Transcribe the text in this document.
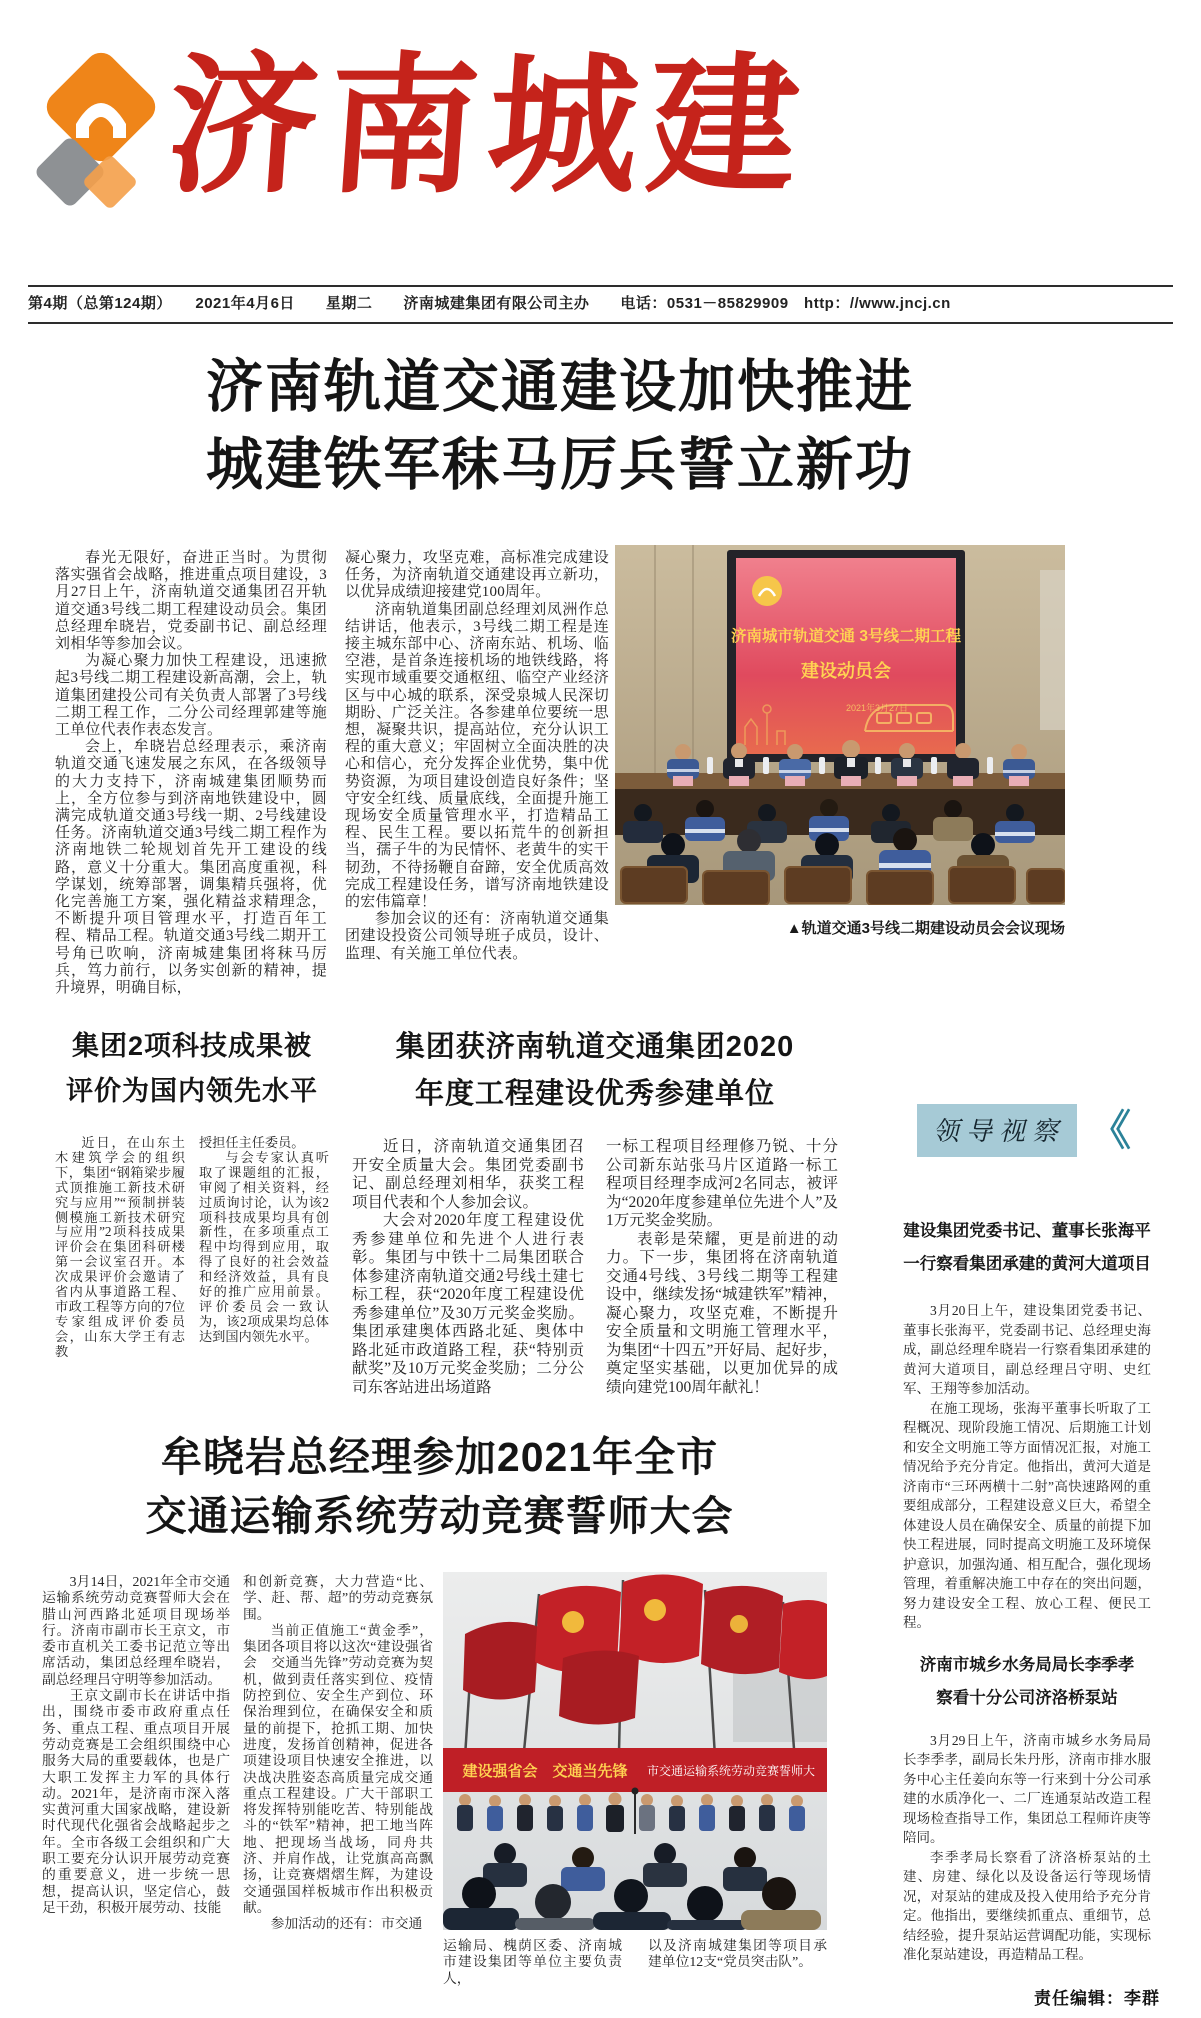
济南城建
第4期（总第124期）　　2021年4月6日　　星期二　　济南城建集团有限公司主办　　电话：0531－85829909　http：//www.jncj.cn
济南轨道交通建设加快推进
城建铁军秣马厉兵誓立新功

春光无限好，奋进正当时。为贯彻落实强省会战略，推进重点项目建设，3月27日上午，济南轨道交通集团召开轨道交通3号线二期工程建设动员会。集团总经理牟晓岩，党委副书记、副总经理刘相华等参加会议。

为凝心聚力加快工程建设，迅速掀起3号线二期工程建设新高潮，会上，轨道集团建投公司有关负责人部署了3号线二期工程工作，二分公司经理郭建等施工单位代表作表态发言。

会上，牟晓岩总经理表示，乘济南轨道交通飞速发展之东风，在各级领导的大力支持下，济南城建集团顺势而上，全方位参与到济南地铁建设中，圆满完成轨道交通3号线一期、2号线建设任务。济南轨道交通3号线二期工程作为济南地铁二轮规划首先开工建设的线路，意义十分重大。集团高度重视，科学谋划，统筹部署，调集精兵强将，优化完善施工方案，强化精益求精理念，不断提升项目管理水平，打造百年工程、精品工程。轨道交通3号线二期开工号角已吹响，济南城建集团将秣马厉兵，笃力前行，以务实创新的精神，提升境界，明确目标，

凝心聚力，攻坚克难，高标准完成建设任务，为济南轨道交通建设再立新功，以优异成绩迎接建党100周年。

济南轨道集团副总经理刘凤洲作总结讲话，他表示，3号线二期工程是连接主城东部中心、济南东站、机场、临空港，是首条连接机场的地铁线路，将实现市域重要交通枢纽、临空产业经济区与中心城的联系，深受泉城人民深切期盼、广泛关注。各参建单位要统一思想，凝聚共识，提高站位，充分认识工程的重大意义；牢固树立全面决胜的决心和信心，充分发挥企业优势，集中优势资源，为项目建设创造良好条件；坚守安全红线、质量底线，全面提升施工现场安全质量管理水平，打造精品工程、民生工程。要以拓荒牛的创新担当，孺子牛的为民情怀、老黄牛的实干韧劲，不待扬鞭自奋蹄，安全优质高效完成工程建设任务，谱写济南地铁建设的宏伟篇章！

参加会议的还有：济南轨道交通集团建设投资公司领导班子成员，设计、监理、有关施工单位代表。

济南城市轨道交通 3号线二期工程
建设动员会
2021年3月27日
▲轨道交通3号线二期建设动员会会议现场
集团2项科技成果被
评价为国内领先水平

近日，在山东土木建筑学会的组织下，集团“钢箱梁步履式顶推施工新技术研究与应用”“预制拼装侧模施工新技术研究与应用”2项科技成果评价会在集团科研楼第一会议室召开。本次成果评价会邀请了省内从事道路工程、市政工程等方向的7位专家组成评价委员会，山东大学王有志教

授担任主任委员。

与会专家认真听取了课题组的汇报，审阅了相关资料，经过质询讨论，认为该2项科技成果均具有创新性，在多项重点工程中均得到应用，取得了良好的社会效益和经济效益，具有良好的推广应用前景。评价委员会一致认为，该2项成果均总体达到国内领先水平。

集团获济南轨道交通集团2020
年度工程建设优秀参建单位

近日，济南轨道交通集团召开安全质量大会。集团党委副书记、副总经理刘相华，获奖工程项目代表和个人参加会议。

大会对2020年度工程建设优秀参建单位和先进个人进行表彰。集团与中铁十二局集团联合体参建济南轨道交通2号线土建七标工程，获“2020年度工程建设优秀参建单位”及30万元奖金奖励。集团承建奥体西路北延、奥体中路北延市政道路工程，获“特别贡献奖”及10万元奖金奖励；二分公司东客站进出场道路

一标工程项目经理修乃锐、十分公司新东站张马片区道路一标工程项目经理李成河2名同志，被评为“2020年度参建单位先进个人”及1万元奖金奖励。

表彰是荣耀，更是前进的动力。下一步，集团将在济南轨道交通4号线、3号线二期等工程建设中，继续发扬“城建铁军”精神，凝心聚力，攻坚克难，不断提升安全质量和文明施工管理水平，为集团“十四五”开好局、起好步，奠定坚实基础，以更加优异的成绩向建党100周年献礼！

领导视察 《
建设集团党委书记、董事长张海平
一行察看集团承建的黄河大道项目

3月20日上午，建设集团党委书记、董事长张海平，党委副书记、总经理史海成，副总经理牟晓岩一行察看集团承建的黄河大道项目，副总经理吕守明、史红军、王翔等参加活动。

在施工现场，张海平董事长听取了工程概况、现阶段施工情况、后期施工计划和安全文明施工等方面情况汇报，对施工情况给予充分肯定。他指出，黄河大道是济南市“三环两横十二射”高快速路网的重要组成部分，工程建设意义巨大，希望全体建设人员在确保安全、质量的前提下加快工程进展，同时提高文明施工及环境保护意识，加强沟通、相互配合，强化现场管理，着重解决施工中存在的突出问题，努力建设安全工程、放心工程、便民工程。

济南市城乡水务局局长李季孝
察看十分公司济洛桥泵站

3月29日上午，济南市城乡水务局局长李季孝，副局长朱丹彤，济南市排水服务中心主任姜向东等一行来到十分公司承建的水质净化一、二厂连通泵站改造工程现场检查指导工作，集团总工程师许庚等陪同。

李季孝局长察看了济洛桥泵站的土建、房建、绿化以及设备运行等现场情况，对泵站的建成及投入使用给予充分肯定。他指出，要继续抓重点、重细节，总结经验，提升泵站运营调配功能，实现标准化泵站建设，再造精品工程。

牟晓岩总经理参加2021年全市
交通运输系统劳动竞赛誓师大会

3月14日，2021年全市交通运输系统劳动竞赛誓师大会在腊山河西路北延项目现场举行。济南市副市长王京文，市委市直机关工委书记范立等出席活动，集团总经理牟晓岩，副总经理吕守明等参加活动。

王京文副市长在讲话中指出，围绕市委市政府重点任务、重点工程、重点项目开展劳动竞赛是工会组织围绕中心服务大局的重要载体，也是广大职工发挥主力军的具体行动。2021年，是济南市深入落实黄河重大国家战略，建设新时代现代化强省会战略起步之年。全市各级工会组织和广大职工要充分认识开展劳动竞赛的重要意义，进一步统一思想，提高认识，坚定信心，鼓足干劲，积极开展劳动、技能

和创新竞赛，大力营造“比、学、赶、帮、超”的劳动竞赛氛围。

当前正值施工“黄金季”，集团各项目将以这次“建设强省会　交通当先锋”劳动竞赛为契机，做到责任落实到位、疫情防控到位、安全生产到位、环保治理到位，在确保安全和质量的前提下，抢抓工期、加快进度，发扬首创精神，促进各项建设项目快速安全推进，以决战决胜姿态高质量完成交通重点工程建设。广大干部职工将发挥特别能吃苦、特别能战斗的“铁军”精神，把工地当阵地、把现场当战场，同舟共济、并肩作战，让党旗高高飘扬，让竞赛熠熠生辉，为建设交通强国样板城市作出积极贡献。

参加活动的还有：市交通

建设强省会　交通当先锋 市交通运输系统劳动竞赛誓师大

运输局、槐荫区委、济南城市建设集团等单位主要负责人，

以及济南城建集团等项目承建单位12支“党员突击队”。

责任编辑：李群
